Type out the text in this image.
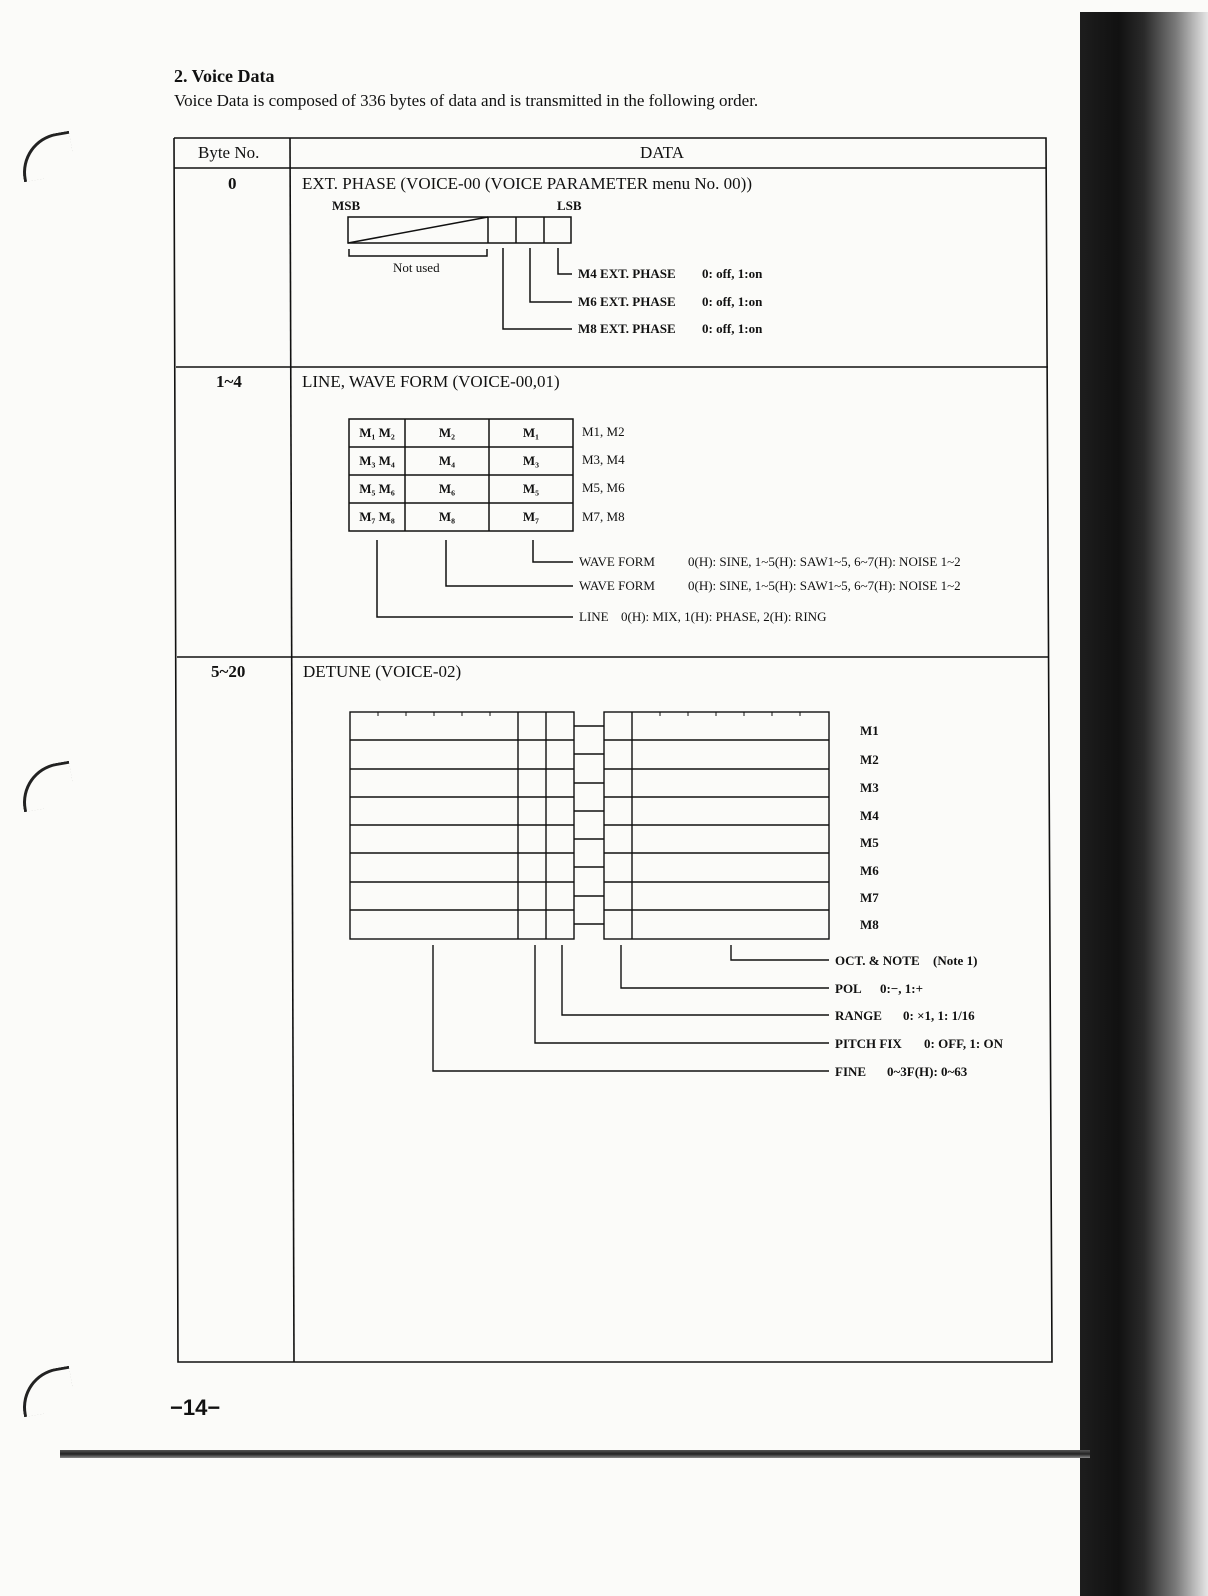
2. Voice Data
Voice Data is composed of 336 bytes of data and is transmitted in the following order.
Byte No.	DATA
0	EXT. PHASE (VOICE-00 (VOICE PARAMETER menu No. 00))
MSB	LSB
Not used	M4 EXT. PHASE 0: off, 1:on
M6 EXT. PHASE 0: off, 1:on
M8 EXT. PHASE 0: off, 1:on
1~4	LINE, WAVE FORM (VOICE-00,01)
M₁ M₂	M₂	M₁	M1, M2
M₃ M₄	M₄	M₃	M3, M4
M₅ M₆	M₆	M₅	M5, M6
M₇ M₈	M₈	M₇	M7, M8
WAVE FORM	0(H): SINE, 1~5(H): SAW1~5, 6~7(H): NOISE 1~2
WAVE FORM	0(H): SINE, 1~5(H): SAW1~5, 6~7(H): NOISE 1~2
LINE 0(H): MIX, 1(H): PHASE, 2(H): RING
5~20	DETUNE (VOICE-02)
M1
M2
M3
M4
M5
M6
M7
M8
OCT. & NOTE (Note 1)
POL 0:−, 1:+
RANGE 0: ×1, 1: 1/16
PITCH FIX 0: OFF, 1: ON
FINE 0~3F(H): 0~63
−14−
